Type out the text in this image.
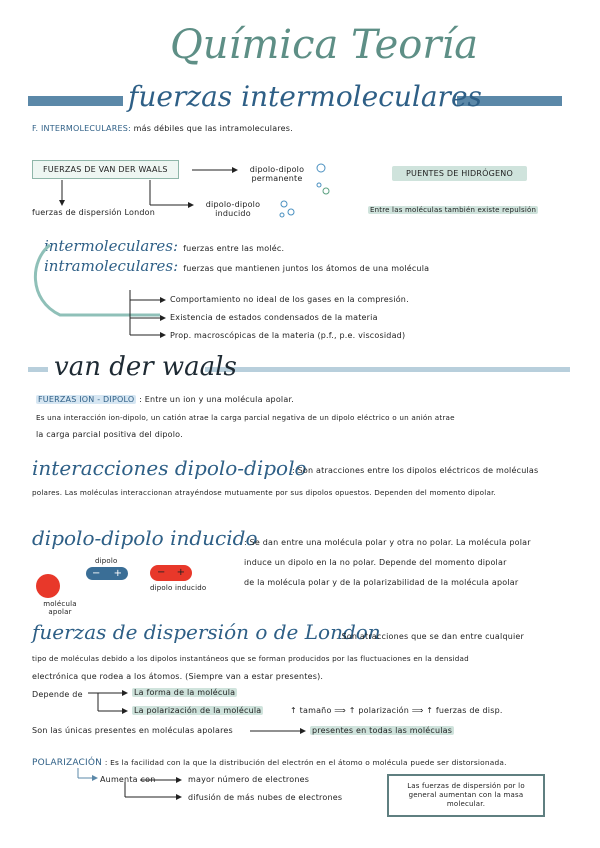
Química Teoría
fuerzas intermoleculares
F. INTERMOLECULARES: más débiles que las intramoleculares.
FUERZAS DE VAN DER WAALS	dipolo-dipolo permanente
dipolo-dipolo inducido
fuerzas de dispersión London
PUENTES DE HIDRÓGENO
Entre las moléculas también existe repulsión
intermoleculares: fuerzas entre las moléc.
intramoleculares: fuerzas que mantienen juntos los átomos de una molécula
Comportamiento no ideal de los gases en la compresión.
Existencia de estados condensados de la materia
Prop. macroscópicas de la materia (p.f., p.e. viscosidad)
van der waals
FUERZAS ION - DIPOLO : Entre un ion y una molécula apolar.
Es una interacción ion-dipolo, un catión atrae la carga parcial negativa de un dipolo eléctrico o un anión atrae
la carga parcial positiva del dipolo.
interacciones dipolo-dipolo
: Son atracciones entre los dipolos eléctricos de moléculas
polares. Las moléculas interaccionan atrayéndose mutuamente por sus dipolos opuestos. Dependen del momento dipolar.
dipolo-dipolo inducido
: Se dan entre una molécula polar y otra no polar. La molécula polar
induce un dipolo en la no polar. Depende del momento dipolar
de la molécula polar y de la polarizabilidad de la molécula apolar
dipolo
− +	− +
dipolo inducido
molécula apolar
fuerzas de dispersión o de London
. Son atracciones que se dan entre cualquier
tipo de moléculas debido a los dipolos instantáneos que se forman producidos por las fluctuaciones en la densidad
electrónica que rodea a los átomos. (Siempre van a estar presentes).
Depende de	La forma de la molécula
La polarización de la molécula	↑ tamaño ⟹ ↑ polarización ⟹ ↑ fuerzas de disp.
Son las únicas presentes en moléculas apolares	presentes en todas las moléculas
POLARIZACIÓN : Es la facilidad con la que la distribución del electrón en el átomo o molécula puede ser distorsionada.
Aumenta con	mayor número de electrones
difusión de más nubes de electrones
Las fuerzas de dispersión por lo general aumentan con la masa molecular.
